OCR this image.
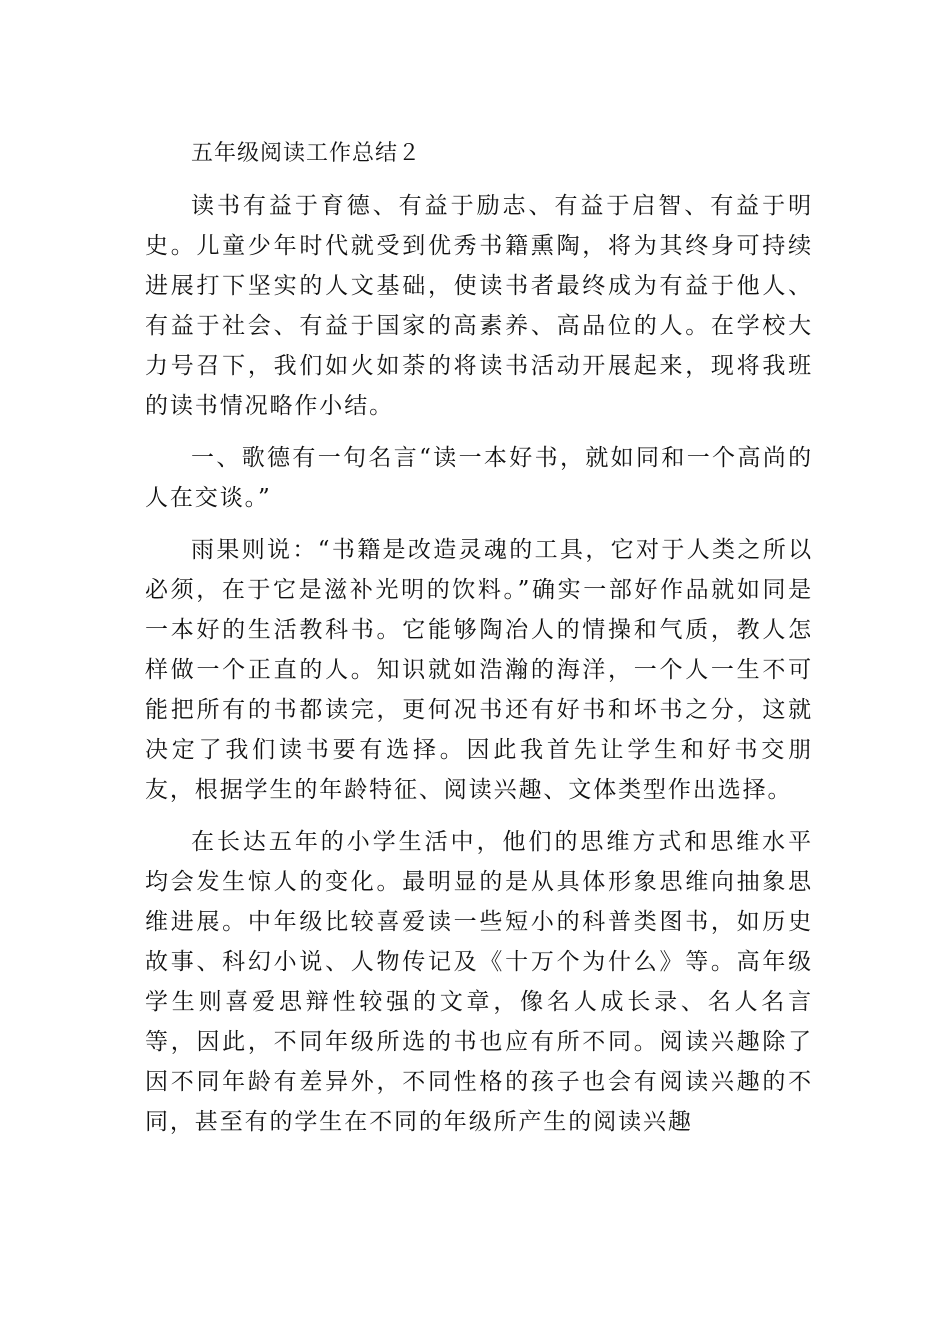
五年级阅读工作总结２

读书有益于育德、有益于励志、有益于启智、有益于明史。儿童少年时代就受到优秀书籍熏陶，将为其终身可持续进展打下坚实的人文基础，使读书者最终成为有益于他人、有益于社会、有益于国家的高素养、高品位的人。在学校大力号召下，我们如火如荼的将读书活动开展起来，现将我班的读书情况略作小结。

一、歌德有一句名言“读一本好书，就如同和一个高尚的人在交谈。”

雨果则说：“书籍是改造灵魂的工具，它对于人类之所以必须，在于它是滋补光明的饮料。”确实一部好作品就如同是一本好的生活教科书。它能够陶冶人的情操和气质，教人怎样做一个正直的人。知识就如浩瀚的海洋，一个人一生不可能把所有的书都读完，更何况书还有好书和坏书之分，这就决定了我们读书要有选择。因此我首先让学生和好书交朋友，根据学生的年龄特征、阅读兴趣、文体类型作出选择。

在长达五年的小学生活中，他们的思维方式和思维水平均会发生惊人的变化。最明显的是从具体形象思维向抽象思维进展。中年级比较喜爱读一些短小的科普类图书，如历史故事、科幻小说、人物传记及《十万个为什么》等。高年级学生则喜爱思辩性较强的文章，像名人成长录、名人名言等，因此，不同年级所选的书也应有所不同。阅读兴趣除了因不同年龄有差异外，不同性格的孩子也会有阅读兴趣的不同，甚至有的学生在不同的年级所产生的阅读兴趣
